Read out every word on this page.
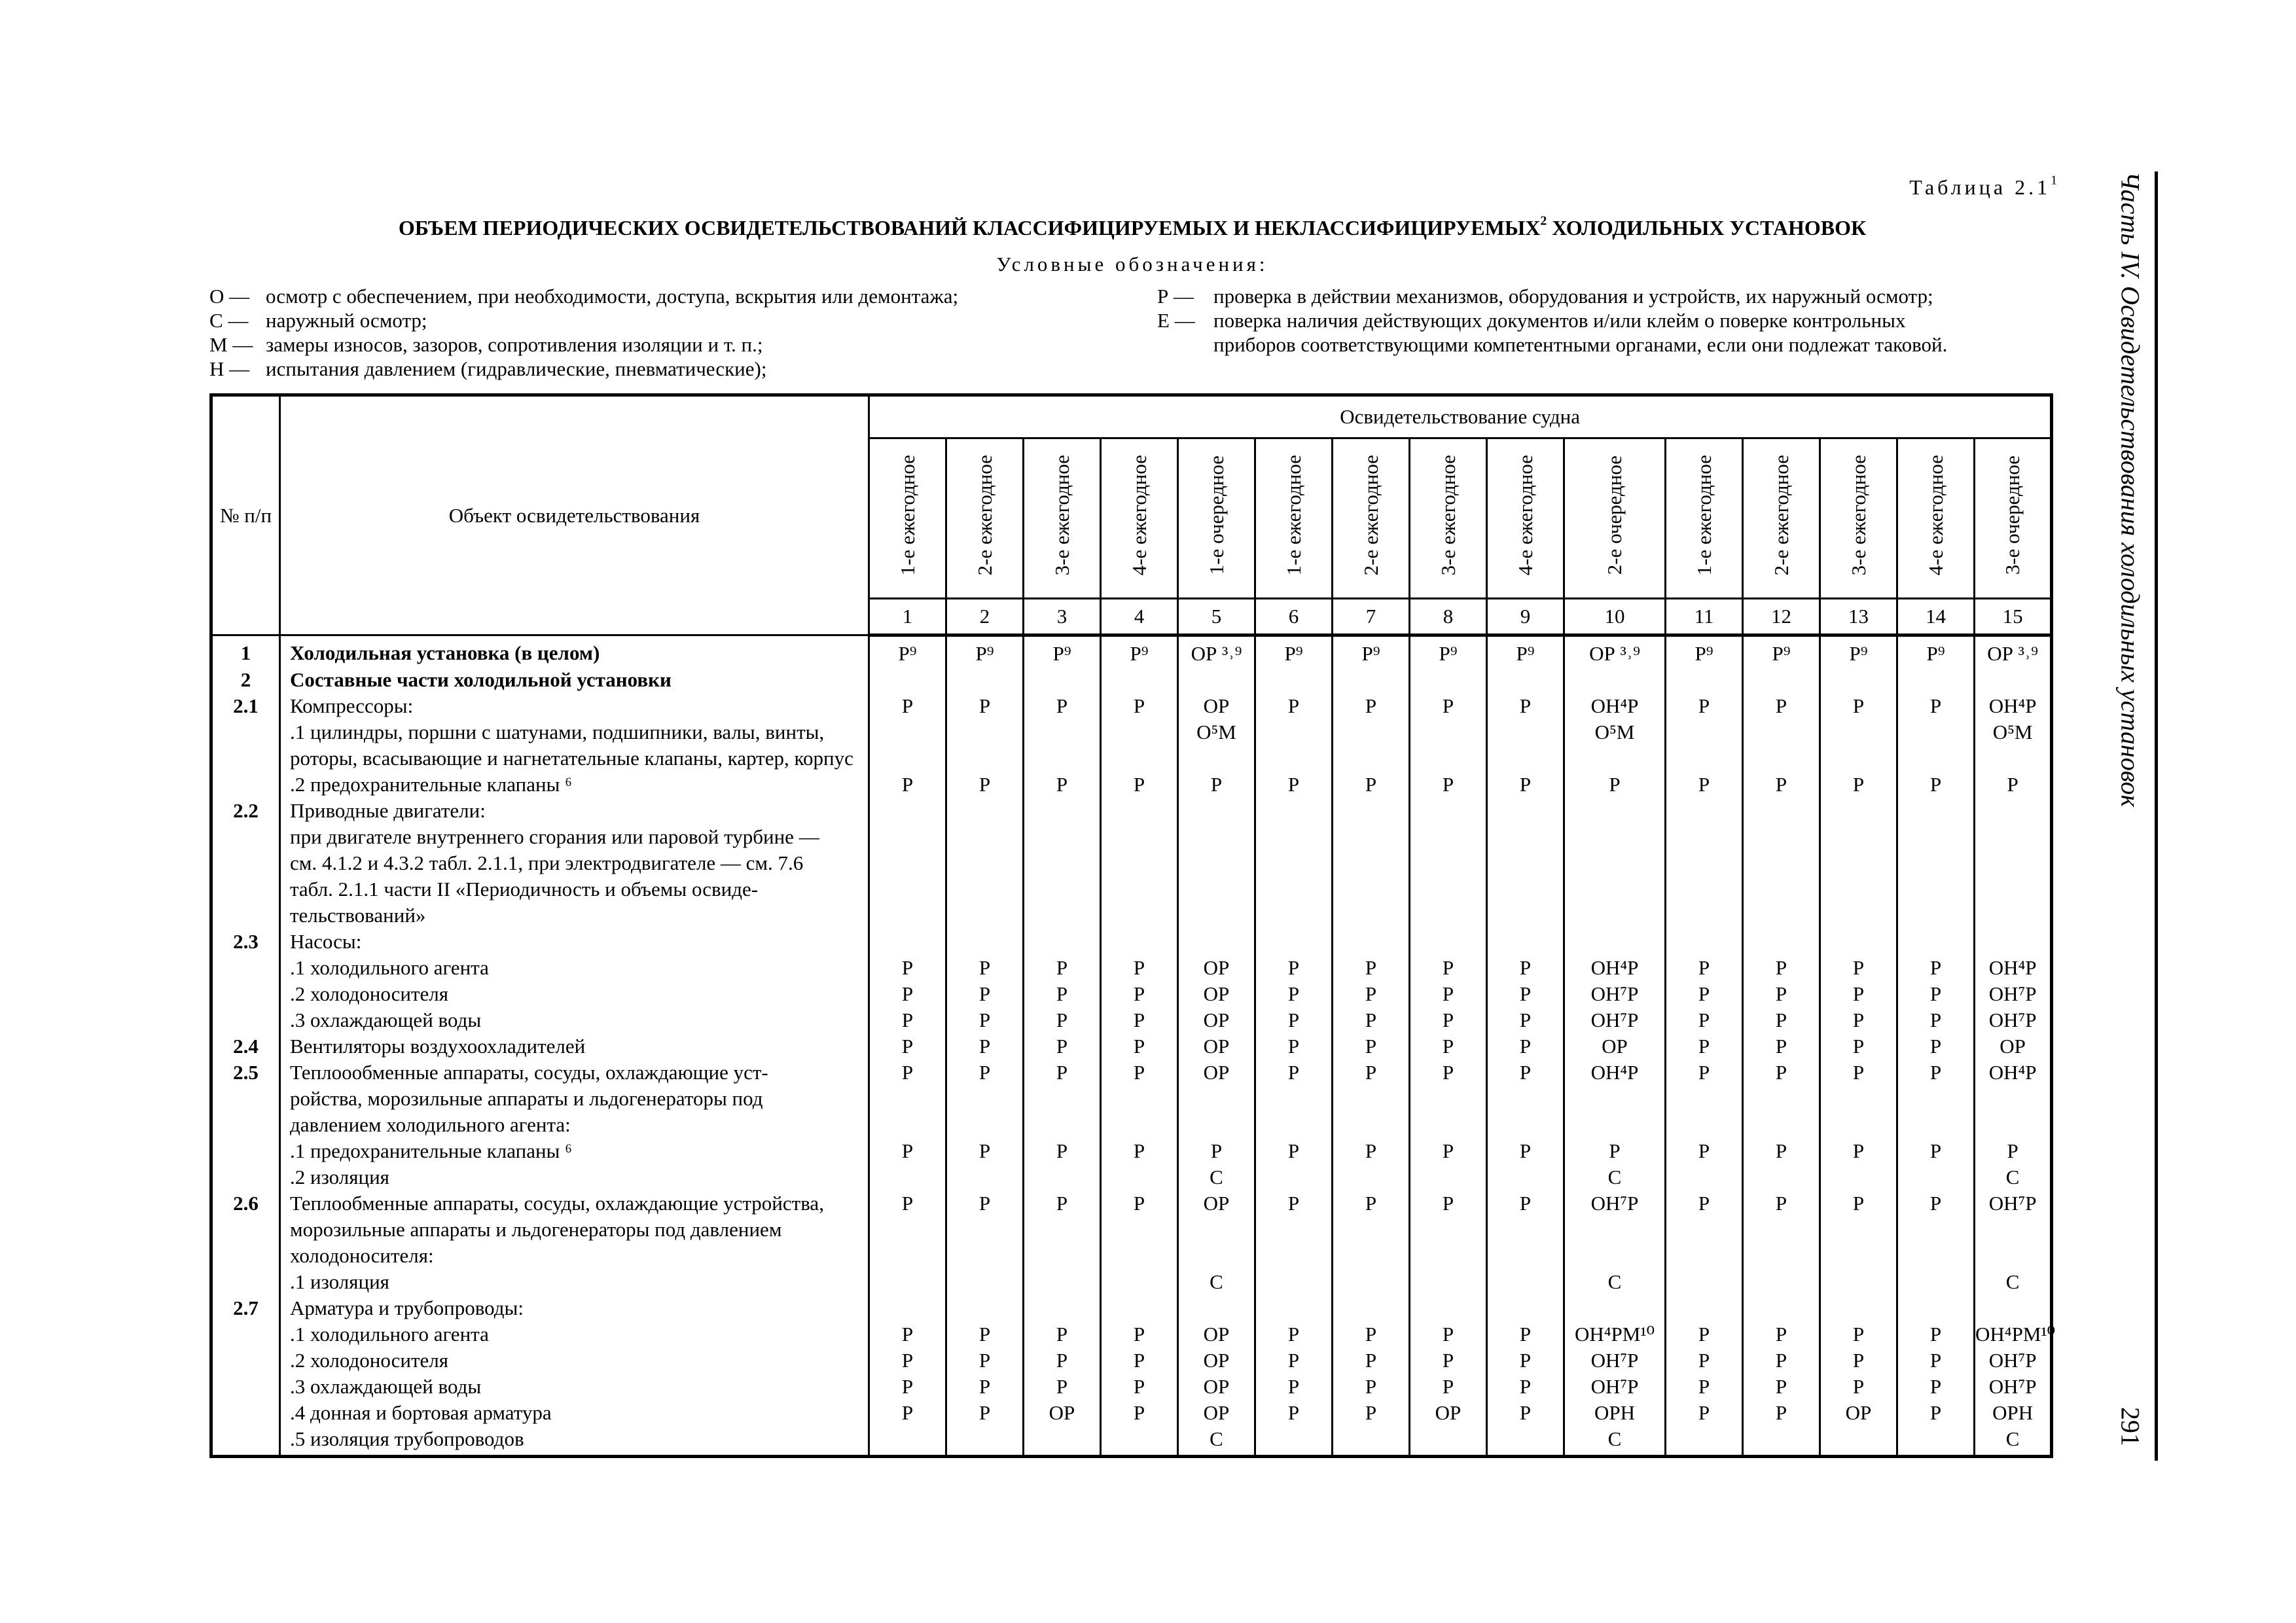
Часть IV. Освидетельствования холодильных установок
291
Таблица $2.1^1$
ОБЪЕМ ПЕРИОДИЧЕСКИХ ОСВИДЕТЕЛЬСТВОВАНИЙ КЛАССИФИЦИРУЕМЫХ И НЕКЛАССИФИЦИРУЕМЫХ$^2$ ХОЛОДИЛЬНЫХ УСТАНОВОК
Условные обозначения:
О — осмотр с обеспечением, при необходимости, доступа, вскрытия или демонтажа;
С — наружный осмотр;
М — замеры износов, зазоров, сопротивления изоляции и т. п.;
Н — испытания давлением (гидравлические, пневматические);
Р — проверка в действии механизмов, оборудования и устройств, их наружный осмотр;
Е — поверка наличия действующих документов и/или клейм о поверке контрольных
приборов соответствующими компетентными органами, если они подлежат таковой.
№ п/п	Объект освидетельствования	Освидетельствование судна														
		1-е ежегодное	2-е ежегодное	3-е ежегодное	4-е ежегодное	1-е очередное	1-е ежегодное	2-е ежегодное	3-е ежегодное	4-е ежегодное	2-е очередное	1-е ежегодное	2-е ежегодное	3-е ежегодное	4-е ежегодное	3-е очередное
		1	2	3	4	5	6	7	8	9	10	11	12	13	14	15
1	Холодильная установка (в целом)	Р⁹	Р⁹	Р⁹	Р⁹	ОР ³˒⁹	Р⁹	Р⁹	Р⁹	Р⁹	ОР ³˒⁹	Р⁹	Р⁹	Р⁹	Р⁹	ОР ³˒⁹
2	Составные части холодильной установки															

2.1	Компрессоры:	Р	Р	Р	Р	ОР	Р	Р	Р	Р	ОН⁴Р	Р	Р	Р	Р	ОН⁴Р

	.1 цилиндры, поршни с шатунами, подшипники, валы, винты,
роторы, всасывающие и нагнетательные клапаны, картер, корпус					О⁵М					О⁵М					О⁵М

	.2 предохранительные клапаны ⁶	Р	Р	Р	Р	Р	Р	Р	Р	Р	Р	Р	Р	Р	Р	Р
2.2	Приводные двигатели:
при двигателе внутреннего сгорания или паровой турбине —
см. 4.1.2 и 4.3.2 табл. 2.1.1, при электродвигателе — см. 7.6
табл. 2.1.1 части II «Периодичность и объемы освиде-
тельствований»															

2.3	Насосы:															

	.1 холодильного агента	Р	Р	Р	Р	ОР	Р	Р	Р	Р	ОН⁴Р	Р	Р	Р	Р	ОН⁴Р

	.2 холодоносителя	Р	Р	Р	Р	ОР	Р	Р	Р	Р	ОН⁷Р	Р	Р	Р	Р	ОН⁷Р

	.3 охлаждающей воды	Р	Р	Р	Р	ОР	Р	Р	Р	Р	ОН⁷Р	Р	Р	Р	Р	ОН⁷Р
2.4	Вентиляторы воздухоохладителей	Р	Р	Р	Р	ОР	Р	Р	Р	Р	ОР	Р	Р	Р	Р	ОР
2.5	Теплоообменные аппараты, сосуды, охлаждающие уст-
ройства, морозильные аппараты и льдогенераторы под
давлением холодильного агента:	Р	Р	Р	Р	ОР	Р	Р	Р	Р	ОН⁴Р	Р	Р	Р	Р	ОН⁴Р

	.1 предохранительные клапаны ⁶	Р	Р	Р	Р	Р	Р	Р	Р	Р	Р	Р	Р	Р	Р	Р

	.2 изоляция					С					С					С
2.6	Теплообменные аппараты, сосуды, охлаждающие устройства,
морозильные аппараты и льдогенераторы под давлением
холодоносителя:	Р	Р	Р	Р	ОР	Р	Р	Р	Р	ОН⁷Р	Р	Р	Р	Р	ОН⁷Р

	.1 изоляция					С					С					С
2.7	Арматура и трубопроводы:															

	.1 холодильного агента	Р	Р	Р	Р	ОР	Р	Р	Р	Р	ОН⁴РМ¹⁰	Р	Р	Р	Р	ОН⁴РМ¹⁰

	.2 холодоносителя	Р	Р	Р	Р	ОР	Р	Р	Р	Р	ОН⁷Р	Р	Р	Р	Р	ОН⁷Р

	.3 охлаждающей воды	Р	Р	Р	Р	ОР	Р	Р	Р	Р	ОН⁷Р	Р	Р	Р	Р	ОН⁷Р

	.4 донная и бортовая арматура	Р	Р	ОР	Р	ОР	Р	Р	ОР	Р	ОРН	Р	Р	ОР	Р	ОРН

	.5 изоляция трубопроводов					С					С					С
